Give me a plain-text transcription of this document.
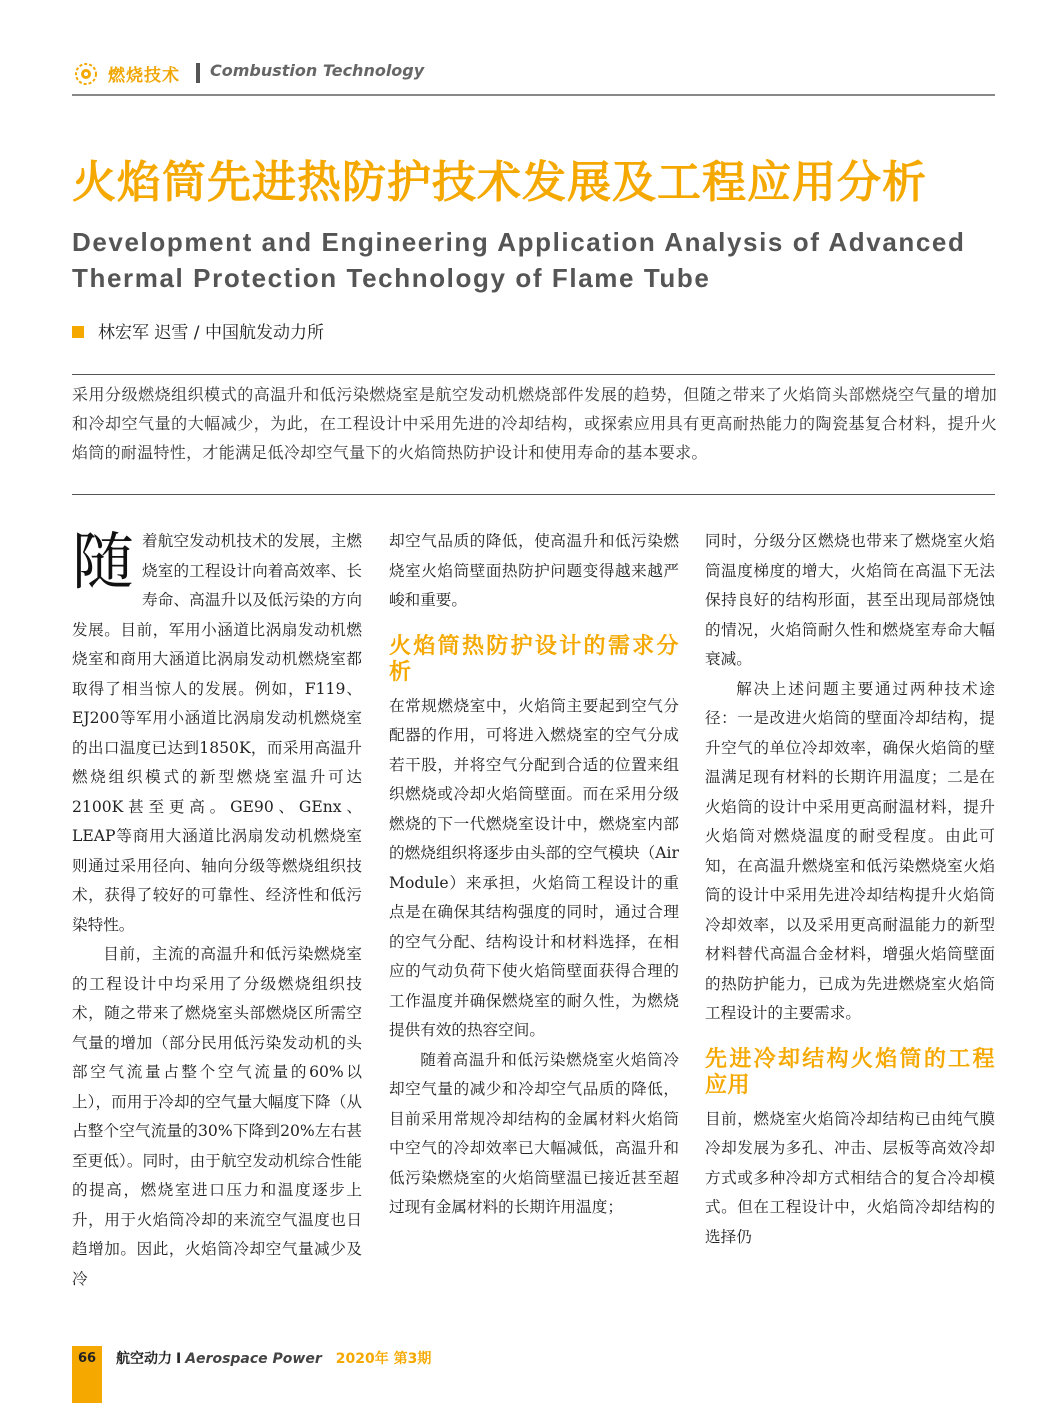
燃烧技术 Combustion Technology
火焰筒先进热防护技术发展及工程应用分析
Development and Engineering Application Analysis of Advanced Thermal Protection Technology of Flame Tube
林宏军 迟雪 / 中国航发动力所
采用分级燃烧组织模式的高温升和低污染燃烧室是航空发动机燃烧部件发展的趋势，但随之带来了火焰筒头部燃烧空气量的增加和冷却空气量的大幅减少，为此，在工程设计中采用先进的冷却结构，或探索应用具有更高耐热能力的陶瓷基复合材料，提升火焰筒的耐温特性，才能满足低冷却空气量下的火焰筒热防护设计和使用寿命的基本要求。
随 着航空发动机技术的发展，主燃烧室的工程设计向着高效率、长寿命、高温升以及低污染的方向发展。目前，军用小涵道比涡扇发动机燃烧室和商用大涵道比涡扇发动机燃烧室都取得了相当惊人的发展。例如，F119、EJ200等军用小涵道比涡扇发动机燃烧室的出口温度已达到1850K，而采用高温升燃烧组织模式的新型燃烧室温升可达2100K甚至更高。GE90、GEnx、LEAP等商用大涵道比涡扇发动机燃烧室则通过采用径向、轴向分级等燃烧组织技术，获得了较好的可靠性、经济性和低污染特性。

目前，主流的高温升和低污染燃烧室的工程设计中均采用了分级燃烧组织技术，随之带来了燃烧室头部燃烧区所需空气量的增加（部分民用低污染发动机的头部空气流量占整个空气流量的60%以上），而用于冷却的空气量大幅度下降（从占整个空气流量的30%下降到20%左右甚至更低）。同时，由于航空发动机综合性能的提高，燃烧室进口压力和温度逐步上升，用于火焰筒冷却的来流空气温度也日趋增加。因此，火焰筒冷却空气量减少及冷

却空气品质的降低，使高温升和低污染燃烧室火焰筒壁面热防护问题变得越来越严峻和重要。

火焰筒热防护设计的需求分析

在常规燃烧室中，火焰筒主要起到空气分配器的作用，可将进入燃烧室的空气分成若干股，并将空气分配到合适的位置来组织燃烧或冷却火焰筒壁面。而在采用分级燃烧的下一代燃烧室设计中，燃烧室内部的燃烧组织将逐步由头部的空气模块（Air Module）来承担，火焰筒工程设计的重点是在确保其结构强度的同时，通过合理的空气分配、结构设计和材料选择，在相应的气动负荷下使火焰筒壁面获得合理的工作温度并确保燃烧室的耐久性，为燃烧提供有效的热容空间。

随着高温升和低污染燃烧室火焰筒冷却空气量的减少和冷却空气品质的降低，目前采用常规冷却结构的金属材料火焰筒中空气的冷却效率已大幅减低，高温升和低污染燃烧室的火焰筒壁温已接近甚至超过现有金属材料的长期许用温度；

同时，分级分区燃烧也带来了燃烧室火焰筒温度梯度的增大，火焰筒在高温下无法保持良好的结构形面，甚至出现局部烧蚀的情况，火焰筒耐久性和燃烧室寿命大幅衰减。

解决上述问题主要通过两种技术途径：一是改进火焰筒的壁面冷却结构，提升空气的单位冷却效率，确保火焰筒的壁温满足现有材料的长期许用温度；二是在火焰筒的设计中采用更高耐温材料，提升火焰筒对燃烧温度的耐受程度。由此可知，在高温升燃烧室和低污染燃烧室火焰筒的设计中采用先进冷却结构提升火焰筒冷却效率，以及采用更高耐温能力的新型材料替代高温合金材料，增强火焰筒壁面的热防护能力，已成为先进燃烧室火焰筒工程设计的主要需求。

先进冷却结构火焰筒的工程应用

目前，燃烧室火焰筒冷却结构已由纯气膜冷却发展为多孔、冲击、层板等高效冷却方式或多种冷却方式相结合的复合冷却模式。但在工程设计中，火焰筒冷却结构的选择仍

66	航空动力 I Aerospace Power 2020年 第3期
